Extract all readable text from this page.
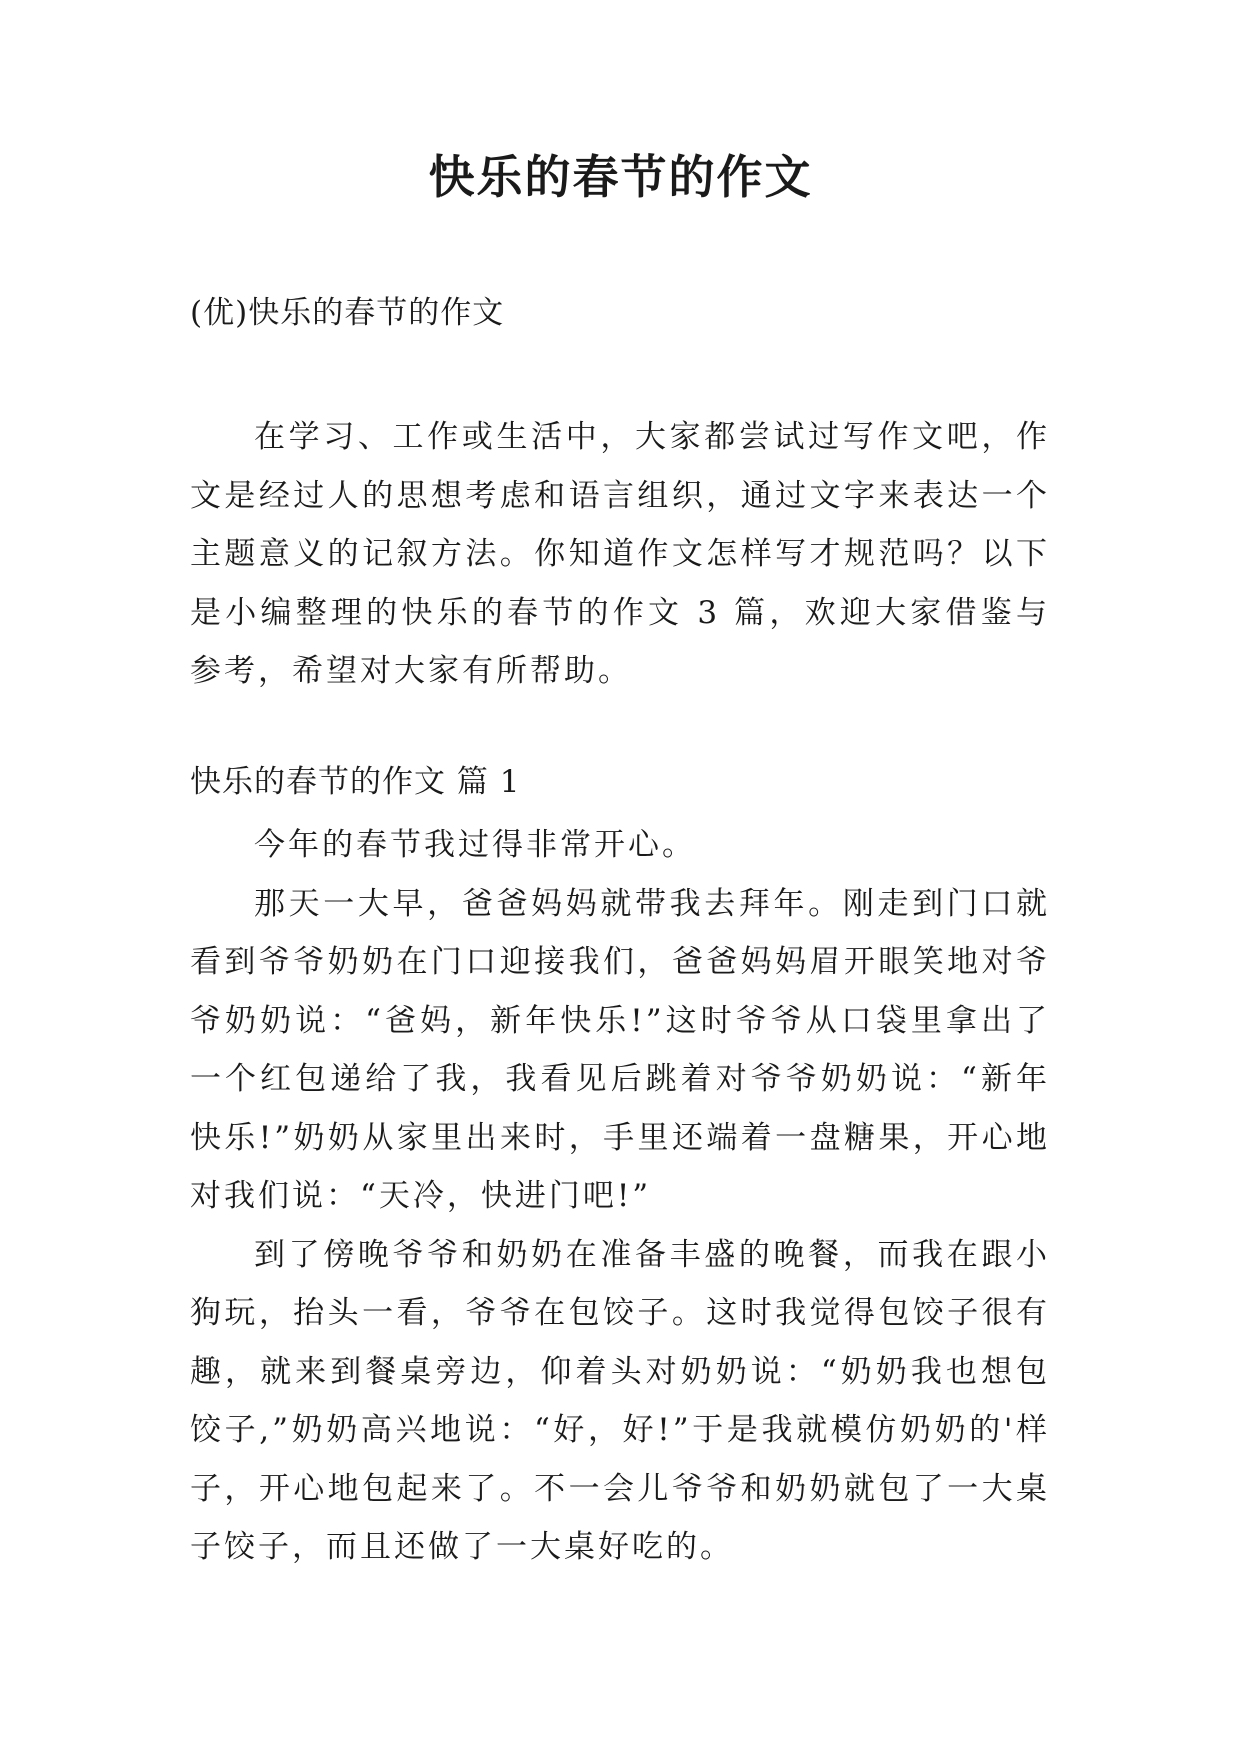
快乐的春节的作文
(优)快乐的春节的作文

在学习、工作或生活中，大家都尝试过写作文吧，作文是经过人的思想考虑和语言组织，通过文字来表达一个主题意义的记叙方法。你知道作文怎样写才规范吗？以下是小编整理的快乐的春节的作文 3 篇，欢迎大家借鉴与参考，希望对大家有所帮助。

快乐的春节的作文 篇 1

今年的春节我过得非常开心。

那天一大早，爸爸妈妈就带我去拜年。刚走到门口就看到爷爷奶奶在门口迎接我们，爸爸妈妈眉开眼笑地对爷爷奶奶说：“爸妈，新年快乐!”这时爷爷从口袋里拿出了一个红包递给了我，我看见后跳着对爷爷奶奶说：“新年快乐!”奶奶从家里出来时，手里还端着一盘糖果，开心地对我们说：“天冷，快进门吧!”

到了傍晚爷爷和奶奶在准备丰盛的晚餐，而我在跟小狗玩，抬头一看，爷爷在包饺子。这时我觉得包饺子很有趣，就来到餐桌旁边，仰着头对奶奶说：“奶奶我也想包饺子,”奶奶高兴地说：“好，好!”于是我就模仿奶奶的'样子，开心地包起来了。不一会儿爷爷和奶奶就包了一大桌子饺子，而且还做了一大桌好吃的。
